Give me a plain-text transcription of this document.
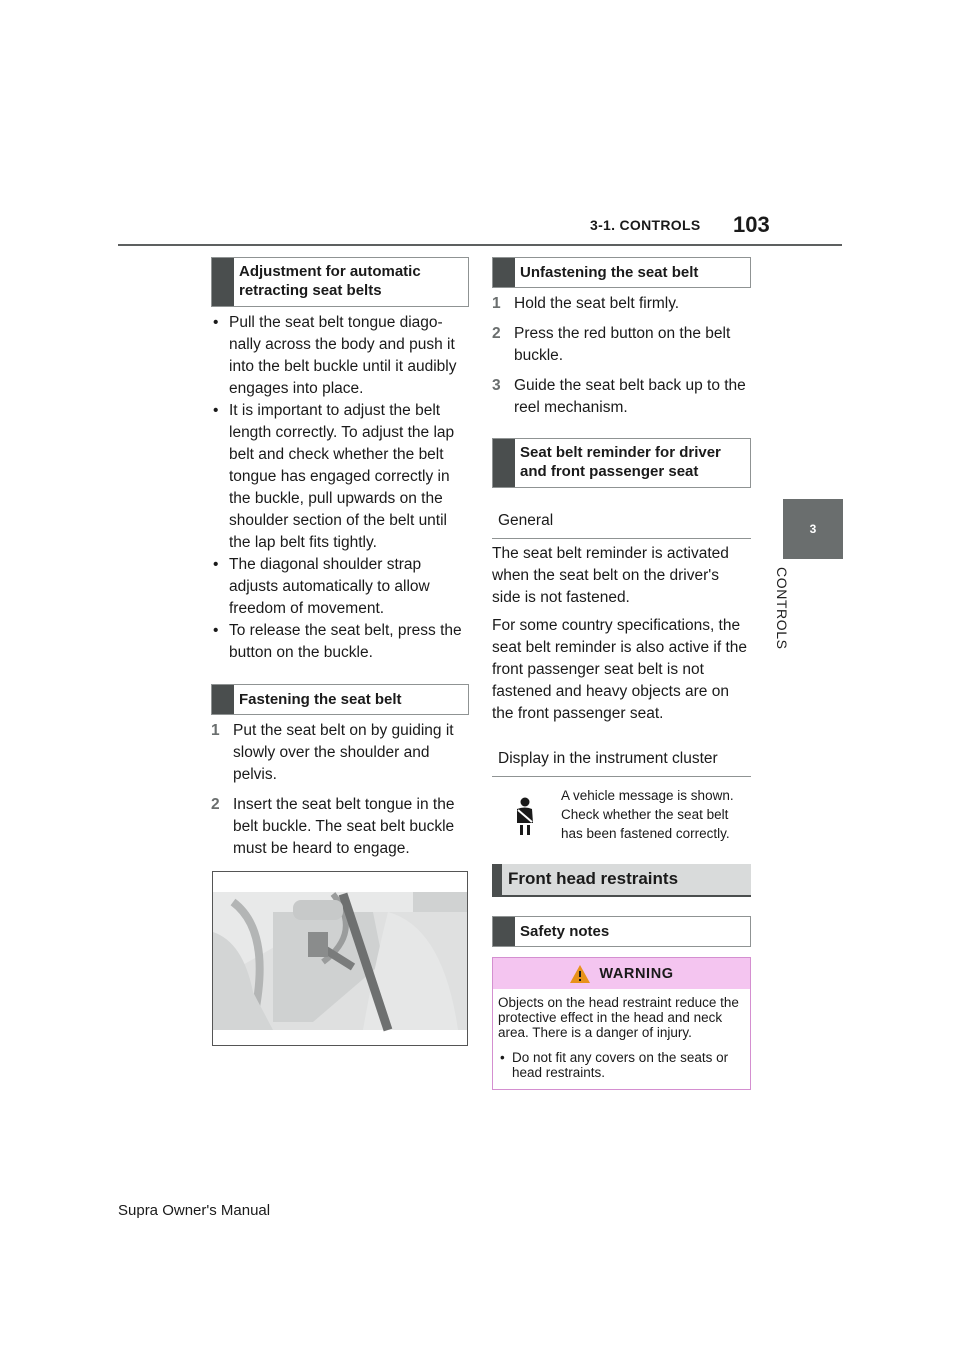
3-1. CONTROLS 103
3
CONTROLS
Adjustment for automatic retracting seat belts
• Pull the seat belt tongue diago-nally across the body and push it into the belt buckle until it audibly engages into place.
• It is important to adjust the belt length correctly. To adjust the lap belt and check whether the belt tongue has engaged correctly in the buckle, pull upwards on the shoulder section of the belt until the lap belt fits tightly.
• The diagonal shoulder strap adjusts automatically to allow freedom of movement.
• To release the seat belt, press the button on the buckle.
Fastening the seat belt
1 Put the seat belt on by guiding it slowly over the shoulder and pelvis.
2 Insert the seat belt tongue in the belt buckle. The seat belt buckle must be heard to engage.
Unfastening the seat belt
1 Hold the seat belt firmly.
2 Press the red button on the belt buckle.
3 Guide the seat belt back up to the reel mechanism.
Seat belt reminder for driver and front passenger seat
General

The seat belt reminder is activated when the seat belt on the driver's side is not fastened.

For some country specifications, the seat belt reminder is also active if the front passenger seat belt is not fastened and heavy objects are on the front passenger seat.

Display in the instrument cluster
A vehicle message is shown. Check whether the seat belt has been fastened correctly.
Front head restraints
Safety notes
WARNING

Objects on the head restraint reduce the protective effect in the head and neck area. There is a danger of injury.

• Do not fit any covers on the seats or head restraints.
Supra Owner's Manual
